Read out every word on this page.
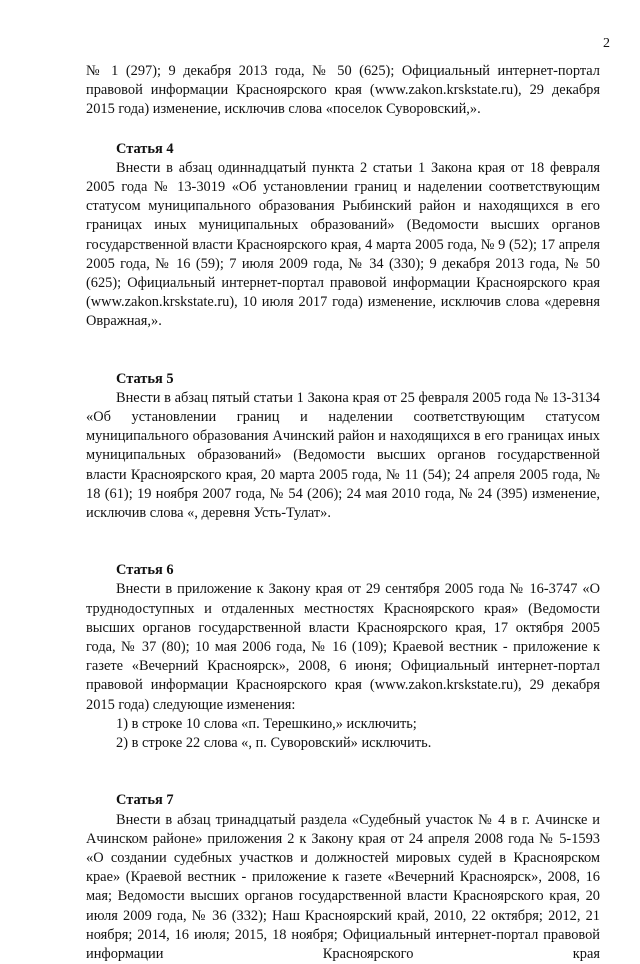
2

№ 1 (297); 9 декабря 2013 года, № 50 (625); Официальный интернет-портал правовой информации Красноярского края (www.zakon.krskstate.ru), 29 декабря 2015 года) изменение, исключив слова «поселок Суворовский,».

Статья 4

Внести в абзац одиннадцатый пункта 2 статьи 1 Закона края от 18 февраля 2005 года № 13-3019 «Об установлении границ и наделении соответствующим статусом муниципального образования Рыбинский район и находящихся в его границах иных муниципальных образований» (Ведомости высших органов государственной власти Красноярского края, 4 марта 2005 года, № 9 (52); 17 апреля 2005 года, № 16 (59); 7 июля 2009 года, № 34 (330); 9 декабря 2013 года, № 50 (625); Официальный интернет-портал правовой информации Красноярского края (www.zakon.krskstate.ru), 10 июля 2017 года) изменение, исключив слова «деревня Овражная,».

Статья 5

Внести в абзац пятый статьи 1 Закона края от 25 февраля 2005 года № 13-3134 «Об установлении границ и наделении соответствующим статусом муниципального образования Ачинский район и находящихся в его границах иных муниципальных образований» (Ведомости высших органов государственной власти Красноярского края, 20 марта 2005 года, № 11 (54); 24 апреля 2005 года, № 18 (61); 19 ноября 2007 года, № 54 (206); 24 мая 2010 года, № 24 (395) изменение, исключив слова «, деревня Усть-Тулат».

Статья 6

Внести в приложение к Закону края от 29 сентября 2005 года № 16-3747 «О труднодоступных и отдаленных местностях Красноярского края» (Ведомости высших органов государственной власти Красноярского края, 17 октября 2005 года, № 37 (80); 10 мая 2006 года, № 16 (109); Краевой вестник - приложение к газете «Вечерний Красноярск», 2008, 6 июня; Официальный интернет-портал правовой информации Красноярского края (www.zakon.krskstate.ru), 29 декабря 2015 года) следующие изменения:

1) в строке 10 слова «п. Терешкино,» исключить;

2) в строке 22 слова «, п. Суворовский» исключить.

Статья 7

Внести в абзац тринадцатый раздела «Судебный участок № 4 в г. Ачинске и Ачинском районе» приложения 2 к Закону края от 24 апреля 2008 года № 5-1593 «О создании судебных участков и должностей мировых судей в Красноярском крае» (Краевой вестник - приложение к газете «Вечерний Красноярск», 2008, 16 мая; Ведомости высших органов государственной власти Красноярского края, 20 июля 2009 года, № 36 (332); Наш Красноярский край, 2010, 22 октября; 2012, 21 ноября; 2014, 16 июля; 2015, 18 ноября; Официальный интернет-портал правовой информации Красноярского края
